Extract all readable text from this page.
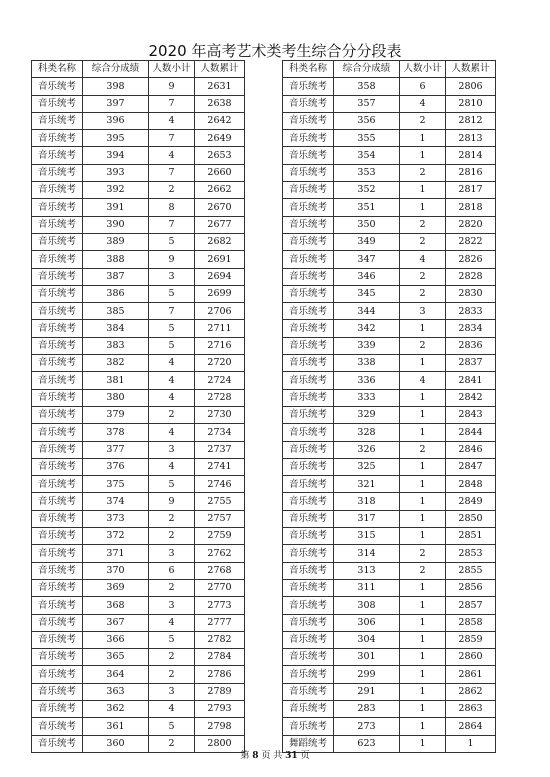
2020 年高考艺术类考生综合分分段表
科类名称	综合分成绩	人数小计	人数累计
音乐统考	398	9	2631
音乐统考	397	7	2638
音乐统考	396	4	2642
音乐统考	395	7	2649
音乐统考	394	4	2653
音乐统考	393	7	2660
音乐统考	392	2	2662
音乐统考	391	8	2670
音乐统考	390	7	2677
音乐统考	389	5	2682
音乐统考	388	9	2691
音乐统考	387	3	2694
音乐统考	386	5	2699
音乐统考	385	7	2706
音乐统考	384	5	2711
音乐统考	383	5	2716
音乐统考	382	4	2720
音乐统考	381	4	2724
音乐统考	380	4	2728
音乐统考	379	2	2730
音乐统考	378	4	2734
音乐统考	377	3	2737
音乐统考	376	4	2741
音乐统考	375	5	2746
音乐统考	374	9	2755
音乐统考	373	2	2757
音乐统考	372	2	2759
音乐统考	371	3	2762
音乐统考	370	6	2768
音乐统考	369	2	2770
音乐统考	368	3	2773
音乐统考	367	4	2777
音乐统考	366	5	2782
音乐统考	365	2	2784
音乐统考	364	2	2786
音乐统考	363	3	2789
音乐统考	362	4	2793
音乐统考	361	5	2798
音乐统考	360	2	2800
科类名称	综合分成绩	人数小计	人数累计
音乐统考	358	6	2806
音乐统考	357	4	2810
音乐统考	356	2	2812
音乐统考	355	1	2813
音乐统考	354	1	2814
音乐统考	353	2	2816
音乐统考	352	1	2817
音乐统考	351	1	2818
音乐统考	350	2	2820
音乐统考	349	2	2822
音乐统考	347	4	2826
音乐统考	346	2	2828
音乐统考	345	2	2830
音乐统考	344	3	2833
音乐统考	342	1	2834
音乐统考	339	2	2836
音乐统考	338	1	2837
音乐统考	336	4	2841
音乐统考	333	1	2842
音乐统考	329	1	2843
音乐统考	328	1	2844
音乐统考	326	2	2846
音乐统考	325	1	2847
音乐统考	321	1	2848
音乐统考	318	1	2849
音乐统考	317	1	2850
音乐统考	315	1	2851
音乐统考	314	2	2853
音乐统考	313	2	2855
音乐统考	311	1	2856
音乐统考	308	1	2857
音乐统考	306	1	2858
音乐统考	304	1	2859
音乐统考	301	1	2860
音乐统考	299	1	2861
音乐统考	291	1	2862
音乐统考	283	1	2863
音乐统考	273	1	2864
舞蹈统考	623	1	1
第 8 页 共 31 页
